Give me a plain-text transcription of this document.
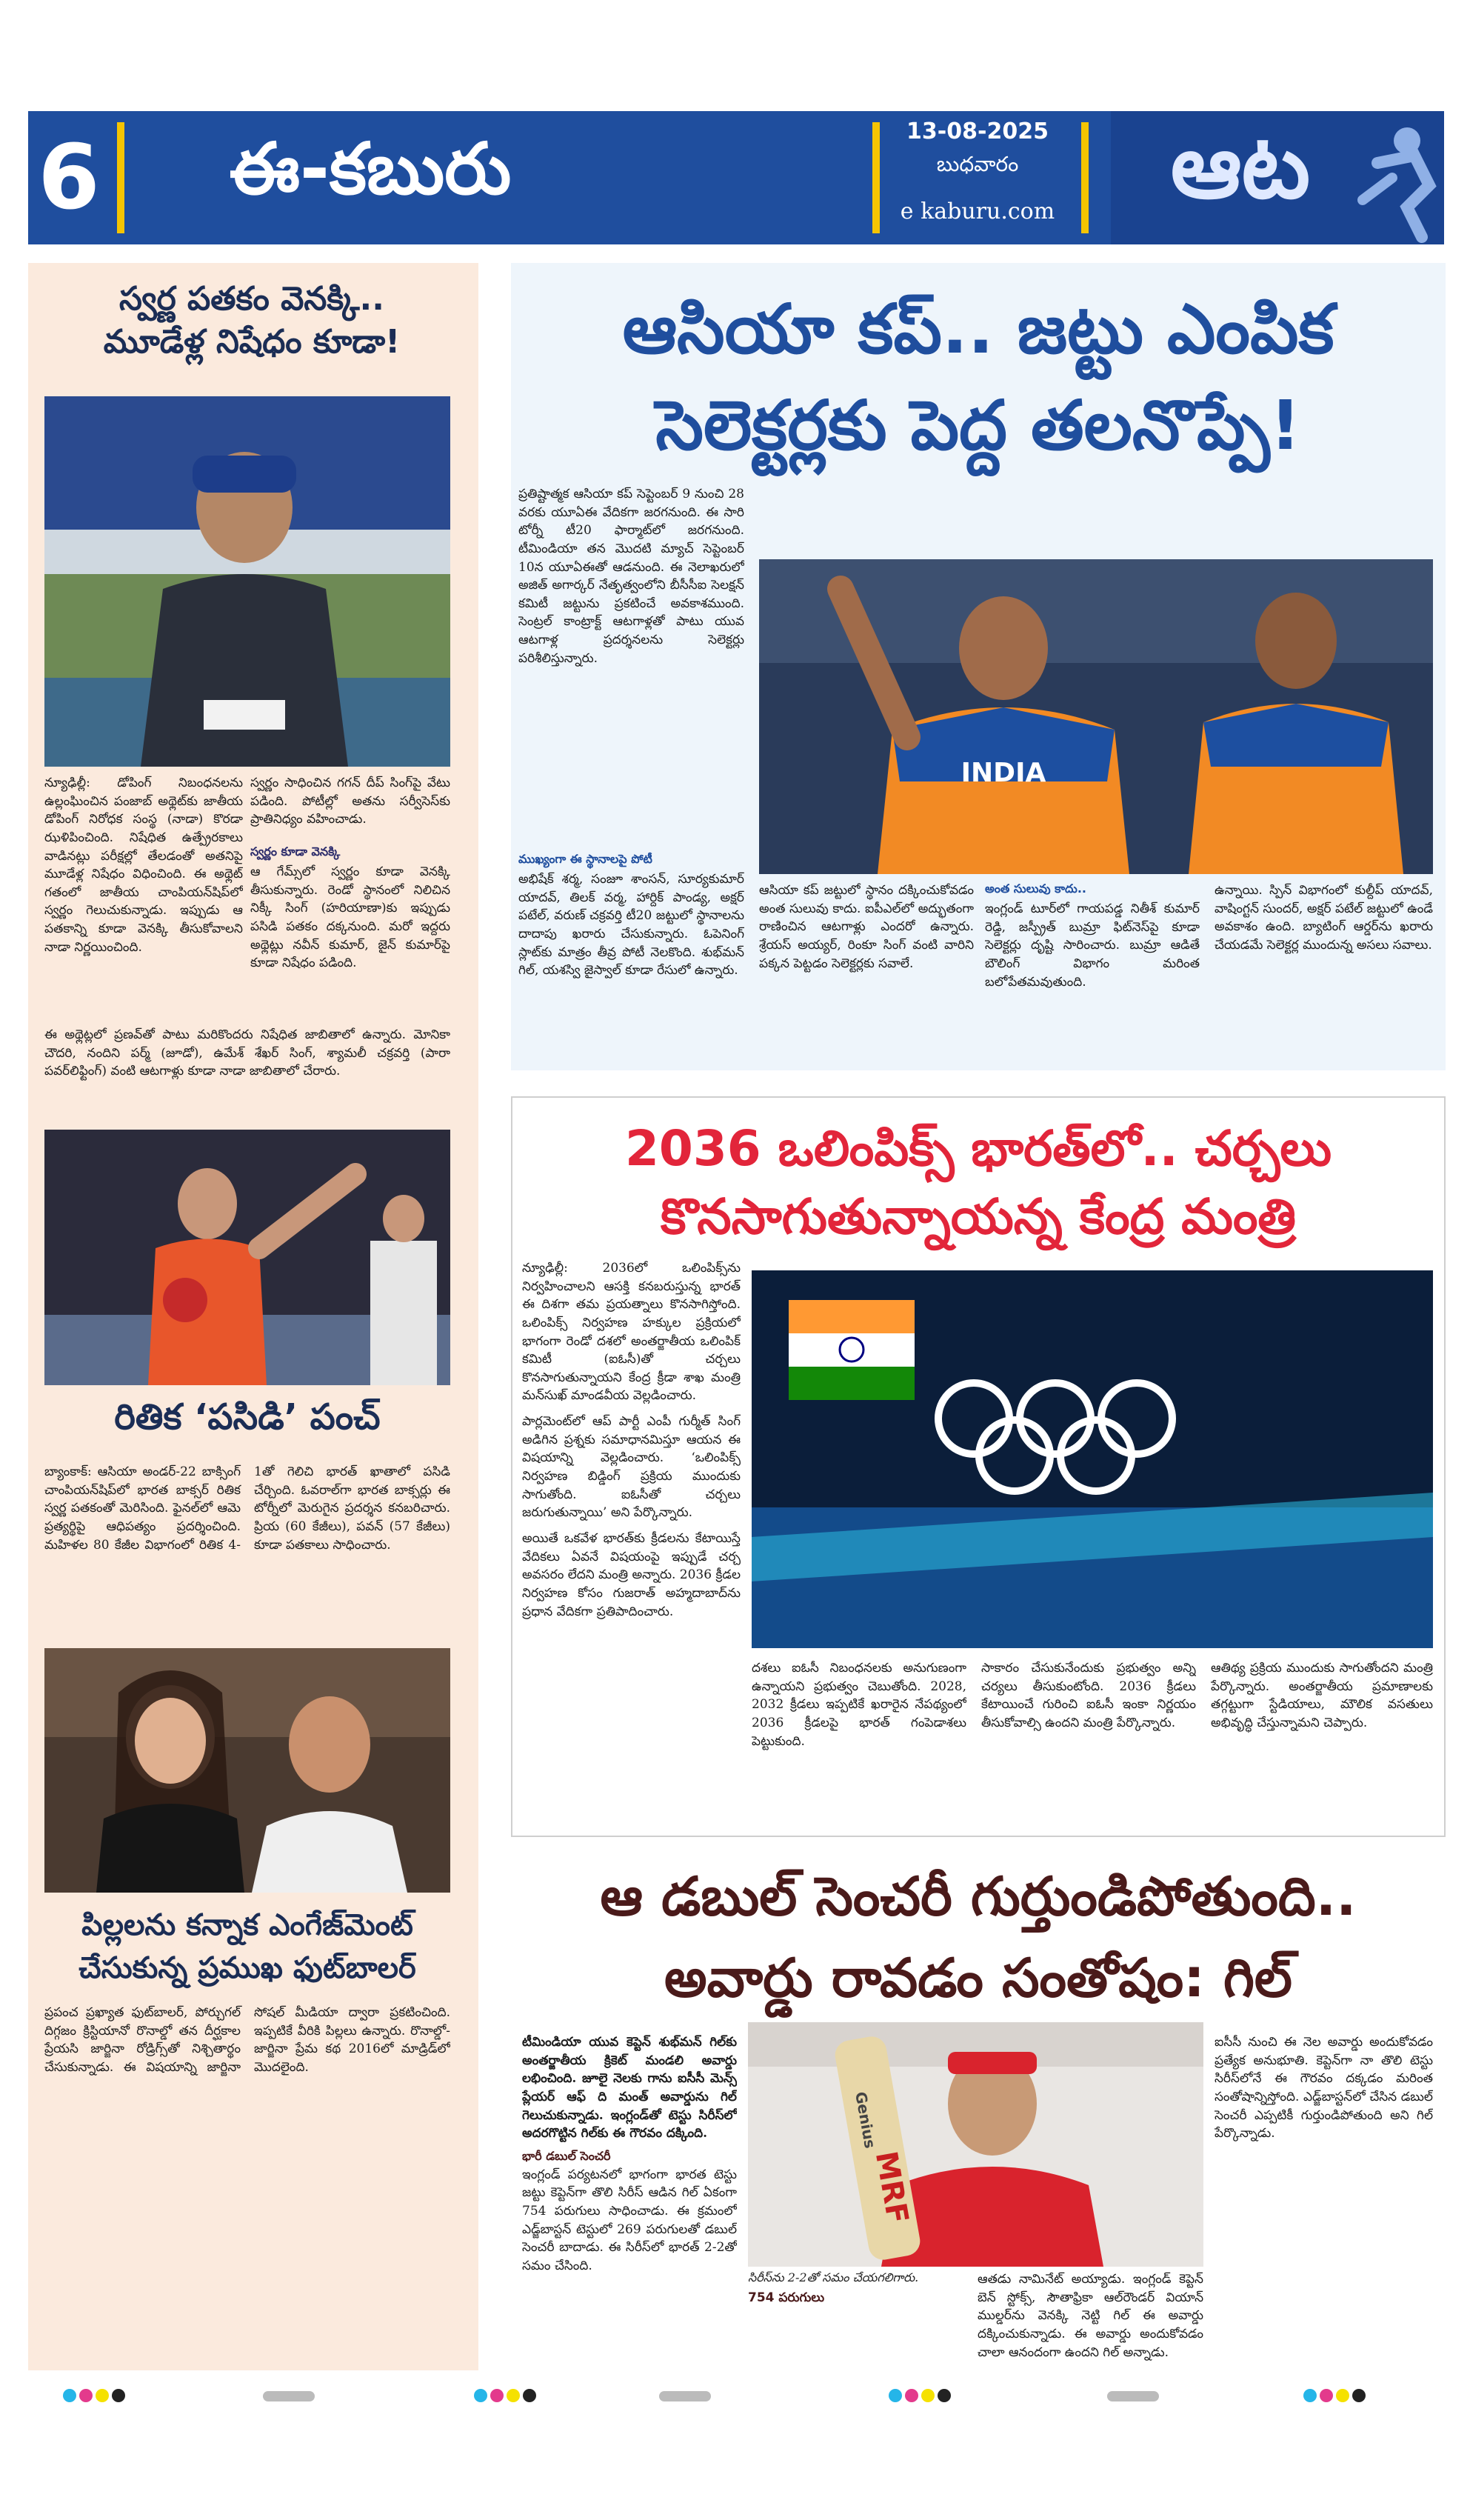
6	ఈ-కబురు	13-08-2025
బుధవారం
e kaburu.com	ఆట
స్వర్ణ పతకం వెనక్కి..
మూడేళ్ల నిషేధం కూడా!
న్యూఢిల్లీ: డోపింగ్ నిబంధనలను ఉల్లంఘించిన పంజాబ్ అథ్లెట్‌కు జాతీయ డోపింగ్ నిరోధక సంస్థ (నాడా) కొరడా ఝళిపించింది. నిషేధిత ఉత్ప్రేరకాలు వాడినట్లు పరీక్షల్లో తేలడంతో అతనిపై మూడేళ్ల నిషేధం విధించింది. ఈ అథ్లెట్ గతంలో జాతీయ చాంపియన్‌షిప్‌లో స్వర్ణం గెలుచుకున్నాడు. ఇప్పుడు ఆ పతకాన్ని కూడా వెనక్కి తీసుకోవాలని నాడా నిర్ణయించింది.
స్వర్ణం సాధించిన గగన్ దీప్ సింగ్‌పై వేటు పడింది. పోటీల్లో అతను సర్వీసెస్‌కు ప్రాతినిధ్యం వహించాడు.
స్వర్ణం కూడా వెనక్కి
ఆ గేమ్స్‌లో స్వర్ణం కూడా వెనక్కి తీసుకున్నారు. రెండో స్థానంలో నిలిచిన నిక్కీ సింగ్ (హరియాణా)కు ఇప్పుడు పసిడి పతకం దక్కనుంది. మరో ఇద్దరు అథ్లెట్లు నవీన్ కుమార్, జైన్ కుమార్‌పై కూడా నిషేధం పడింది.
ఈ అథ్లెట్లలో ప్రణవ్‌తో పాటు మరికొందరు నిషేధిత జాబితాలో ఉన్నారు. మోనికా చౌదరి, నందిని పర్మ్ (జూడో), ఉమేశ్ శేఖర్ సింగ్, శ్యామలీ చక్రవర్తి (పారా పవర్‌లిఫ్టింగ్) వంటి ఆటగాళ్లు కూడా నాడా జాబితాలో చేరారు.
రితిక ‘పసిడి’ పంచ్
బ్యాంకాక్: ఆసియా అండర్-22 బాక్సింగ్ చాంపియన్‌షిప్‌లో భారత బాక్సర్ రితిక స్వర్ణ పతకంతో మెరిసింది. ఫైనల్‌లో ఆమె ప్రత్యర్థిపై ఆధిపత్యం ప్రదర్శించింది. మహిళల 80 కేజీల విభాగంలో రితిక 4-1తో గెలిచి భారత్ ఖాతాలో పసిడి చేర్చింది. ఓవరాల్‌గా భారత బాక్సర్లు ఈ టోర్నీలో మెరుగైన ప్రదర్శన కనబరిచారు. ప్రియ (60 కేజీలు), పవన్ (57 కేజీలు) కూడా పతకాలు సాధించారు.
పిల్లలను కన్నాక ఎంగేజ్‌మెంట్
చేసుకున్న ప్రముఖ ఫుట్‌బాలర్
ప్రపంచ ప్రఖ్యాత ఫుట్‌బాలర్, పోర్చుగల్ దిగ్గజం క్రిస్టియానో రొనాల్డో తన దీర్ఘకాల ప్రేయసి జార్జినా రోడ్రిగ్స్‌తో నిశ్చితార్థం చేసుకున్నాడు. ఈ విషయాన్ని జార్జినా సోషల్ మీడియా ద్వారా ప్రకటించింది. ఇప్పటికే వీరికి పిల్లలు ఉన్నారు. రొనాల్డో-జార్జినా ప్రేమ కథ 2016లో మాడ్రిడ్‌లో మొదలైంది.
ఆసియా కప్.. జట్టు ఎంపిక
సెలెక్టర్లకు పెద్ద తలనొప్పే!
ప్రతిష్టాత్మక ఆసియా కప్ సెప్టెంబర్ 9 నుంచి 28 వరకు యూఏఈ వేదికగా జరగనుంది. ఈ సారి టోర్నీ టీ20 ఫార్మాట్‌లో జరగనుంది. టీమిండియా తన మొదటి మ్యాచ్ సెప్టెంబర్ 10న యూఏఈతో ఆడనుంది. ఈ నెలాఖరులో అజిత్ అగార్కర్ నేతృత్వంలోని బీసీసీఐ సెలక్షన్ కమిటీ జట్టును ప్రకటించే అవకాశముంది. సెంట్రల్ కాంట్రాక్ట్ ఆటగాళ్లతో పాటు యువ ఆటగాళ్ల ప్రదర్శనలను సెలెక్టర్లు పరిశీలిస్తున్నారు.
ముఖ్యంగా ఈ స్థానాలపై పోటీ
అభిషేక్ శర్మ, సంజూ శాంసన్, సూర్యకుమార్ యాదవ్, తిలక్ వర్మ, హార్దిక్ పాండ్య, అక్షర్ పటేల్, వరుణ్ చక్రవర్తి టీ20 జట్టులో స్థానాలను దాదాపు ఖరారు చేసుకున్నారు. ఓపెనింగ్ స్లాట్‌కు మాత్రం తీవ్ర పోటీ నెలకొంది. శుభ్‌మన్ గిల్, యశస్వి జైస్వాల్ కూడా రేసులో ఉన్నారు.
INDIA
ఆసియా కప్ జట్టులో స్థానం దక్కించుకోవడం అంత సులువు కాదు. ఐపీఎల్‌లో అద్భుతంగా రాణించిన ఆటగాళ్లు ఎందరో ఉన్నారు. శ్రేయస్ అయ్యర్, రింకూ సింగ్ వంటి వారిని పక్కన పెట్టడం సెలెక్టర్లకు సవాలే.
అంత సులువు కాదు..
ఇంగ్లండ్ టూర్‌లో గాయపడ్డ నితీశ్ కుమార్ రెడ్డి, జస్ప్రీత్ బుమ్రా ఫిట్‌నెస్‌పై కూడా సెలెక్టర్లు దృష్టి సారించారు. బుమ్రా ఆడితే బౌలింగ్ విభాగం మరింత బలోపేతమవుతుంది.
ఉన్నాయి. స్పిన్ విభాగంలో కుల్దీప్ యాదవ్, వాషింగ్టన్ సుందర్, అక్షర్ పటేల్ జట్టులో ఉండే అవకాశం ఉంది. బ్యాటింగ్ ఆర్డర్‌ను ఖరారు చేయడమే సెలెక్టర్ల ముందున్న అసలు సవాలు.
2036 ఒలింపిక్స్ భారత్‌లో.. చర్చలు
కొనసాగుతున్నాయన్న కేంద్ర మంత్రి
న్యూఢిల్లీ: 2036లో ఒలింపిక్స్‌ను నిర్వహించాలని ఆసక్తి కనబరుస్తున్న భారత్ ఈ దిశగా తమ ప్రయత్నాలు కొనసాగిస్తోంది. ఒలింపిక్స్ నిర్వహణ హక్కుల ప్రక్రియలో భాగంగా రెండో దశలో అంతర్జాతీయ ఒలింపిక్ కమిటీ (ఐఓసీ)తో చర్చలు కొనసాగుతున్నాయని కేంద్ర క్రీడా శాఖ మంత్రి మన్‌సుఖ్ మాండవీయ వెల్లడించారు.
పార్లమెంట్‌లో ఆప్ పార్టీ ఎంపీ గుర్మీత్ సింగ్ అడిగిన ప్రశ్నకు సమాధానమిస్తూ ఆయన ఈ విషయాన్ని వెల్లడించారు. ‘ఒలింపిక్స్ నిర్వహణ బిడ్డింగ్ ప్రక్రియ ముందుకు సాగుతోంది. ఐఓసీతో చర్చలు జరుగుతున్నాయి’ అని పేర్కొన్నారు.
అయితే ఒకవేళ భారత్‌కు క్రీడలను కేటాయిస్తే వేదికలు ఏవనే విషయంపై ఇప్పుడే చర్చ అవసరం లేదని మంత్రి అన్నారు. 2036 క్రీడల నిర్వహణ కోసం గుజరాత్ అహ్మదాబాద్‌ను ప్రధాన వేదికగా ప్రతిపాదించారు.
దశలు ఐఓసీ నిబంధనలకు అనుగుణంగా ఉన్నాయని ప్రభుత్వం చెబుతోంది. 2028, 2032 క్రీడలు ఇప్పటికే ఖరారైన నేపథ్యంలో 2036 క్రీడలపై భారత్ గంపెడాశలు పెట్టుకుంది.
సాకారం చేసుకునేందుకు ప్రభుత్వం అన్ని చర్యలు తీసుకుంటోంది. 2036 క్రీడలు కేటాయించే గురించి ఐఓసీ ఇంకా నిర్ణయం తీసుకోవాల్సి ఉందని మంత్రి పేర్కొన్నారు.
ఆతిథ్య ప్రక్రియ ముందుకు సాగుతోందని మంత్రి పేర్కొన్నారు. అంతర్జాతీయ ప్రమాణాలకు తగ్గట్టుగా స్టేడియాలు, మౌలిక వసతులు అభివృద్ధి చేస్తున్నామని చెప్పారు.
ఆ డబుల్ సెంచరీ గుర్తుండిపోతుంది..
అవార్డు రావడం సంతోషం: గిల్
టీమిండియా యువ కెప్టెన్ శుభ్‌మన్ గిల్‌కు అంతర్జాతీయ క్రికెట్ మండలి అవార్డు లభించింది. జూలై నెలకు గాను ఐసీసీ మెన్స్ ప్లేయర్ ఆఫ్ ది మంత్ అవార్డును గిల్ గెలుచుకున్నాడు. ఇంగ్లండ్‌తో టెస్టు సిరీస్‌లో అదరగొట్టిన గిల్‌కు ఈ గౌరవం దక్కింది.
భారీ డబుల్ సెంచరీ
ఇంగ్లండ్ పర్యటనలో భాగంగా భారత టెస్టు జట్టు కెప్టెన్‌గా తొలి సిరీస్ ఆడిన గిల్ ఏకంగా 754 పరుగులు సాధించాడు. ఈ క్రమంలో ఎడ్జ్‌బాస్టన్ టెస్టులో 269 పరుగులతో డబుల్ సెంచరీ బాదాడు. ఈ సిరీస్‌లో భారత్ 2-2తో సమం చేసింది.
Genius
MRF
సిరీస్‌ను 2-2తో సమం చేయగలిగారు.
754 పరుగులు
ఆతడు నామినేట్ అయ్యాడు. ఇంగ్లండ్ కెప్టెన్ బెన్ స్టోక్స్, సౌతాఫ్రికా ఆల్‌రౌండర్ వియాన్ ముల్డర్‌ను వెనక్కి నెట్టి గిల్ ఈ అవార్డు దక్కించుకున్నాడు. ఈ అవార్డు అందుకోవడం చాలా ఆనందంగా ఉందని గిల్ అన్నాడు.
ఐసీసీ నుంచి ఈ నెల అవార్డు అందుకోవడం ప్రత్యేక అనుభూతి. కెప్టెన్‌గా నా తొలి టెస్టు సిరీస్‌లోనే ఈ గౌరవం దక్కడం మరింత సంతోషాన్నిస్తోంది. ఎడ్జ్‌బాస్టన్‌లో చేసిన డబుల్ సెంచరీ ఎప్పటికీ గుర్తుండిపోతుంది అని గిల్ పేర్కొన్నాడు.
